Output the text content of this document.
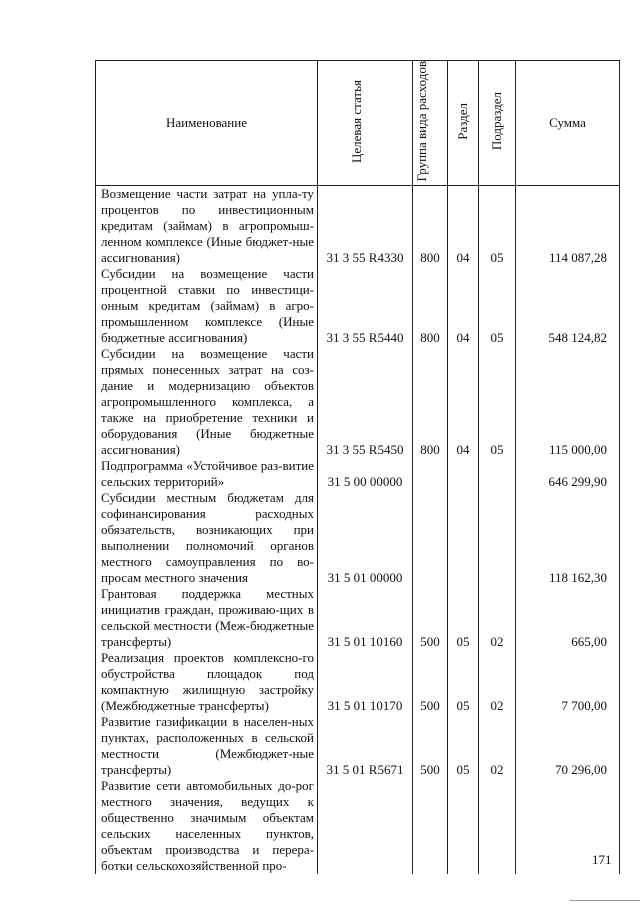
Наименование	Целевая статья	Группа вида расходов	Раздел	Подраздел	Сумма
Возмещение части затрат на упла-ту процентов по инвестиционным кредитам (займам) в агропромыш-ленном комплексе (Иные бюджет-ные ассигнования)	31 3 55 R4330	800	04	05	114 087,28
Субсидии на возмещение части процентной ставки по инвестици-онным кредитам (займам) в агро-промышленном комплексе (Иные бюджетные ассигнования)	31 3 55 R5440	800	04	05	548 124,82
Субсидии на возмещение части прямых понесенных затрат на соз-дание и модернизацию объектов агропромышленного комплекса, а также на приобретение техники и оборудования (Иные бюджетные ассигнования)	31 3 55 R5450	800	04	05	115 000,00
Подпрограмма «Устойчивое раз-витие сельских территорий»	31 5 00 00000				646 299,90
Субсидии местным бюджетам для софинансирования расходных обязательств, возникающих при выполнении полномочий органов местного самоуправления по во-просам местного значения	31 5 01 00000				118 162,30
Грантовая поддержка местных инициатив граждан, проживаю-щих в сельской местности (Меж-бюджетные трансферты)	31 5 01 10160	500	05	02	665,00
Реализация проектов комплексно-го обустройства площадок под компактную жилищную застройку (Межбюджетные трансферты)	31 5 01 10170	500	05	02	7 700,00
Развитие газификации в населен-ных пунктах, расположенных в сельской местности (Межбюджет-ные трансферты)	31 5 01 R5671	500	05	02	70 296,00
Развитие сети автомобильных до-рог местного значения, ведущих к общественно значимым объектам сельских населенных пунктов, объектам производства и перера-ботки сельскохозяйственной про-						171
